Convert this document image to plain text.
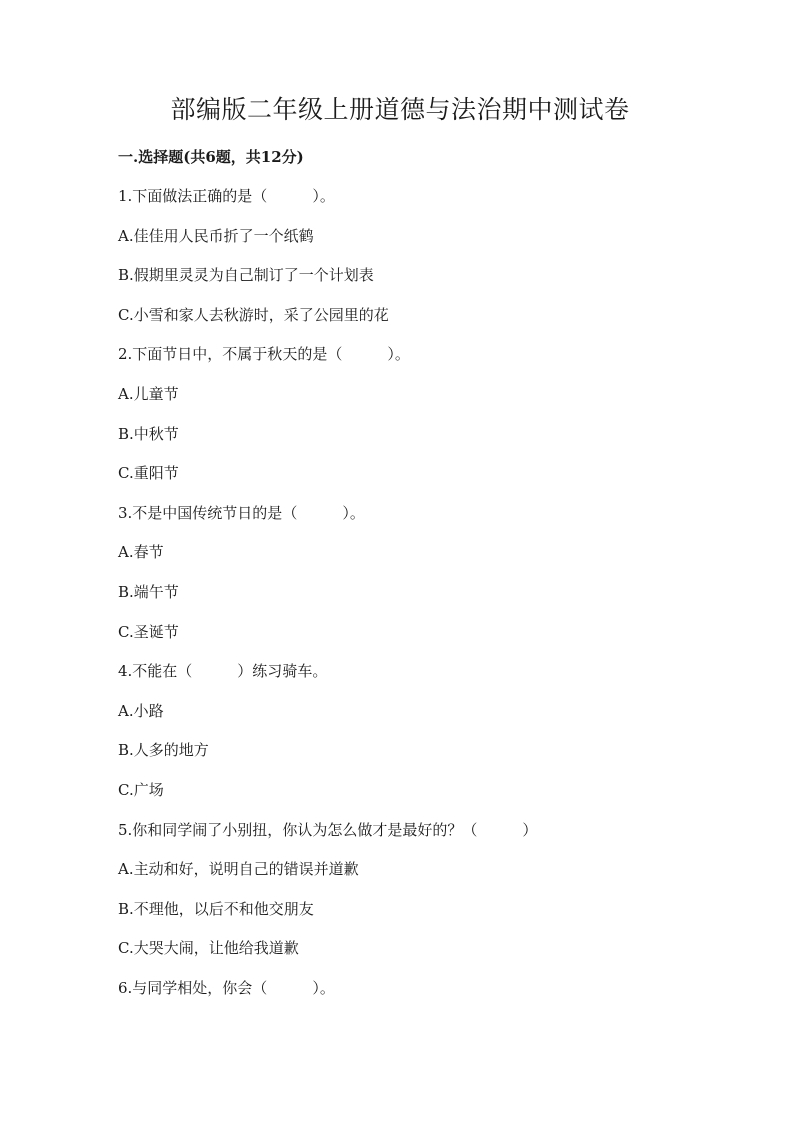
部编版二年级上册道德与法治期中测试卷
一.选择题(共6题，共12分)
1.下面做法正确的是（　　　）。
A.佳佳用人民币折了一个纸鹤
B.假期里灵灵为自己制订了一个计划表
C.小雪和家人去秋游时，采了公园里的花
2.下面节日中，不属于秋天的是（　　　）。
A.儿童节
B.中秋节
C.重阳节
3.不是中国传统节日的是（　　　）。
A.春节
B.端午节
C.圣诞节
4.不能在（　　　）练习骑车。
A.小路
B.人多的地方
C.广场
5.你和同学闹了小别扭，你认为怎么做才是最好的？（　　　）
A.主动和好，说明自己的错误并道歉
B.不理他，以后不和他交朋友
C.大哭大闹，让他给我道歉
6.与同学相处，你会（　　　）。
